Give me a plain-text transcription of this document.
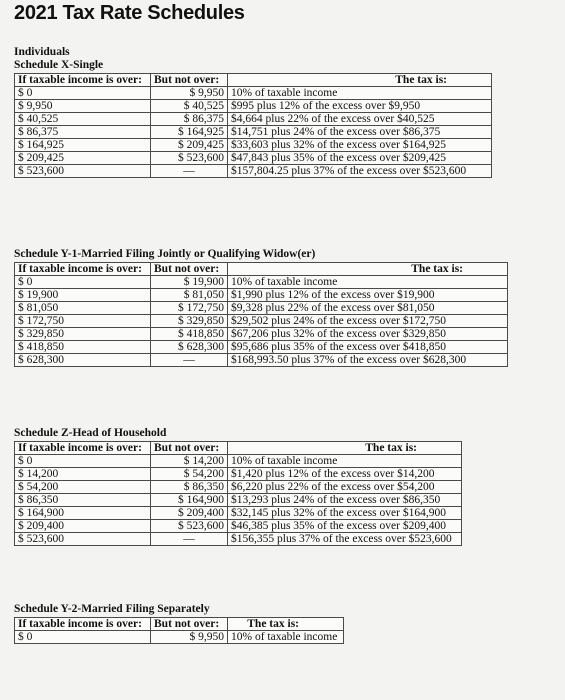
2021 Tax Rate Schedules
Individuals
Schedule X-Single
If taxable income is over:	But not over:	The tax is:
$ 0	$ 9,950	10% of taxable income
$ 9,950	$ 40,525	$995 plus 12% of the excess over $9,950
$ 40,525	$ 86,375	$4,664 plus 22% of the excess over $40,525
$ 86,375	$ 164,925	$14,751 plus 24% of the excess over $86,375
$ 164,925	$ 209,425	$33,603 plus 32% of the excess over $164,925
$ 209,425	$ 523,600	$47,843 plus 35% of the excess over $209,425
$ 523,600	—	$157,804.25 plus 37% of the excess over $523,600
Schedule Y-1-Married Filing Jointly or Qualifying Widow(er)
If taxable income is over:	But not over:	The tax is:
$ 0	$ 19,900	10% of taxable income
$ 19,900	$ 81,050	$1,990 plus 12% of the excess over $19,900
$ 81,050	$ 172,750	$9,328 plus 22% of the excess over $81,050
$ 172,750	$ 329,850	$29,502 plus 24% of the excess over $172,750
$ 329,850	$ 418,850	$67,206 plus 32% of the excess over $329,850
$ 418,850	$ 628,300	$95,686 plus 35% of the excess over $418,850
$ 628,300	—	$168,993.50 plus 37% of the excess over $628,300
Schedule Z-Head of Household
If taxable income is over:	But not over:	The tax is:
$ 0	$ 14,200	10% of taxable income
$ 14,200	$ 54,200	$1,420 plus 12% of the excess over $14,200
$ 54,200	$ 86,350	$6,220 plus 22% of the excess over $54,200
$ 86,350	$ 164,900	$13,293 plus 24% of the excess over $86,350
$ 164,900	$ 209,400	$32,145 plus 32% of the excess over $164,900
$ 209,400	$ 523,600	$46,385 plus 35% of the excess over $209,400
$ 523,600	—	$156,355 plus 37% of the excess over $523,600
Schedule Y-2-Married Filing Separately
If taxable income is over:	But not over:	The tax is:
$ 0	$ 9,950	10% of taxable income
